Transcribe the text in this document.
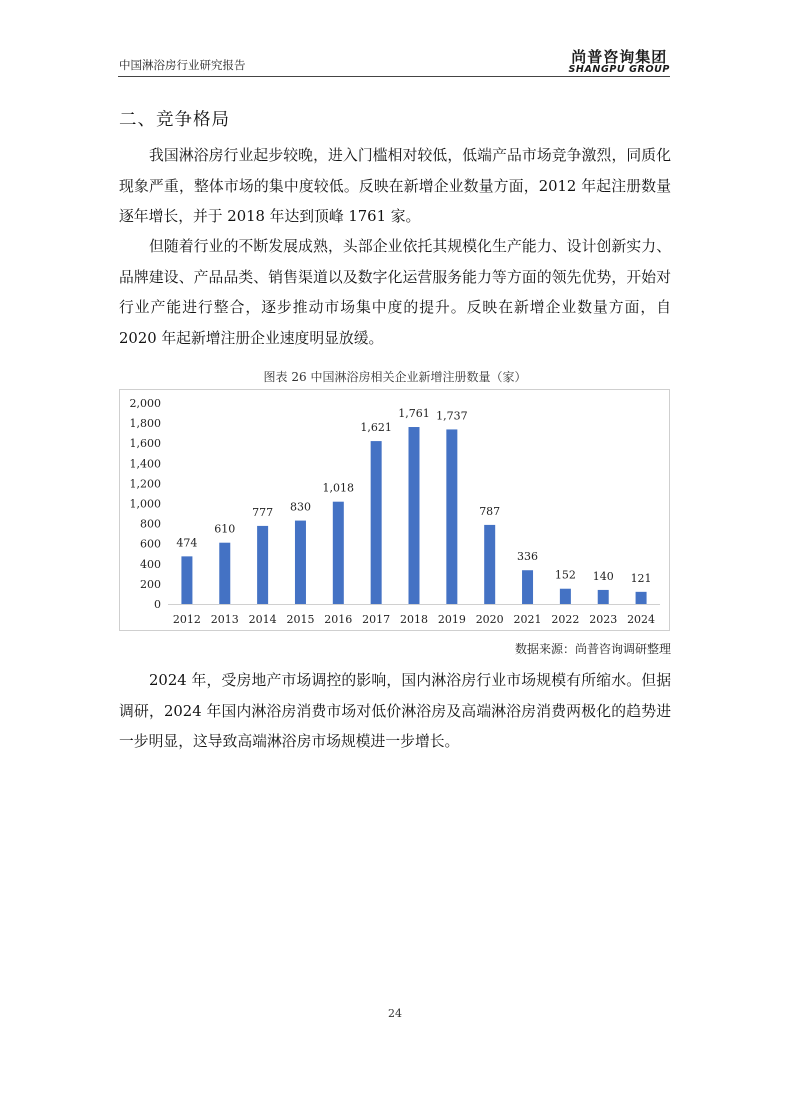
中国淋浴房行业研究报告	尚普咨询集团
SHANGPU GROUP
二、竞争格局

我国淋浴房行业起步较晚，进入门槛相对较低，低端产品市场竞争激烈，同质化现象严重，整体市场的集中度较低。反映在新增企业数量方面，2012 年起注册数量逐年增长，并于 2018 年达到顶峰 1761 家。

但随着行业的不断发展成熟，头部企业依托其规模化生产能力、设计创新实力、品牌建设、产品品类、销售渠道以及数字化运营服务能力等方面的领先优势，开始对行业产能进行整合，逐步推动市场集中度的提升。反映在新增企业数量方面，自 2020 年起新增注册企业速度明显放缓。

图表 26 中国淋浴房相关企业新增注册数量（家）
0
200
400
600
800
1,000
1,200
1,400
1,600
1,800
2,000
474
2012
610
2013
777
2014
830
2015
1,018
2016
1,621
2017
1,761
2018
1,737
2019
787
2020
336
2021
152
2022
140
2023
121
2024
数据来源：尚普咨询调研整理

2024 年，受房地产市场调控的影响，国内淋浴房行业市场规模有所缩水。但据调研，2024 年国内淋浴房消费市场对低价淋浴房及高端淋浴房消费两极化的趋势进一步明显，这导致高端淋浴房市场规模进一步增长。

24
